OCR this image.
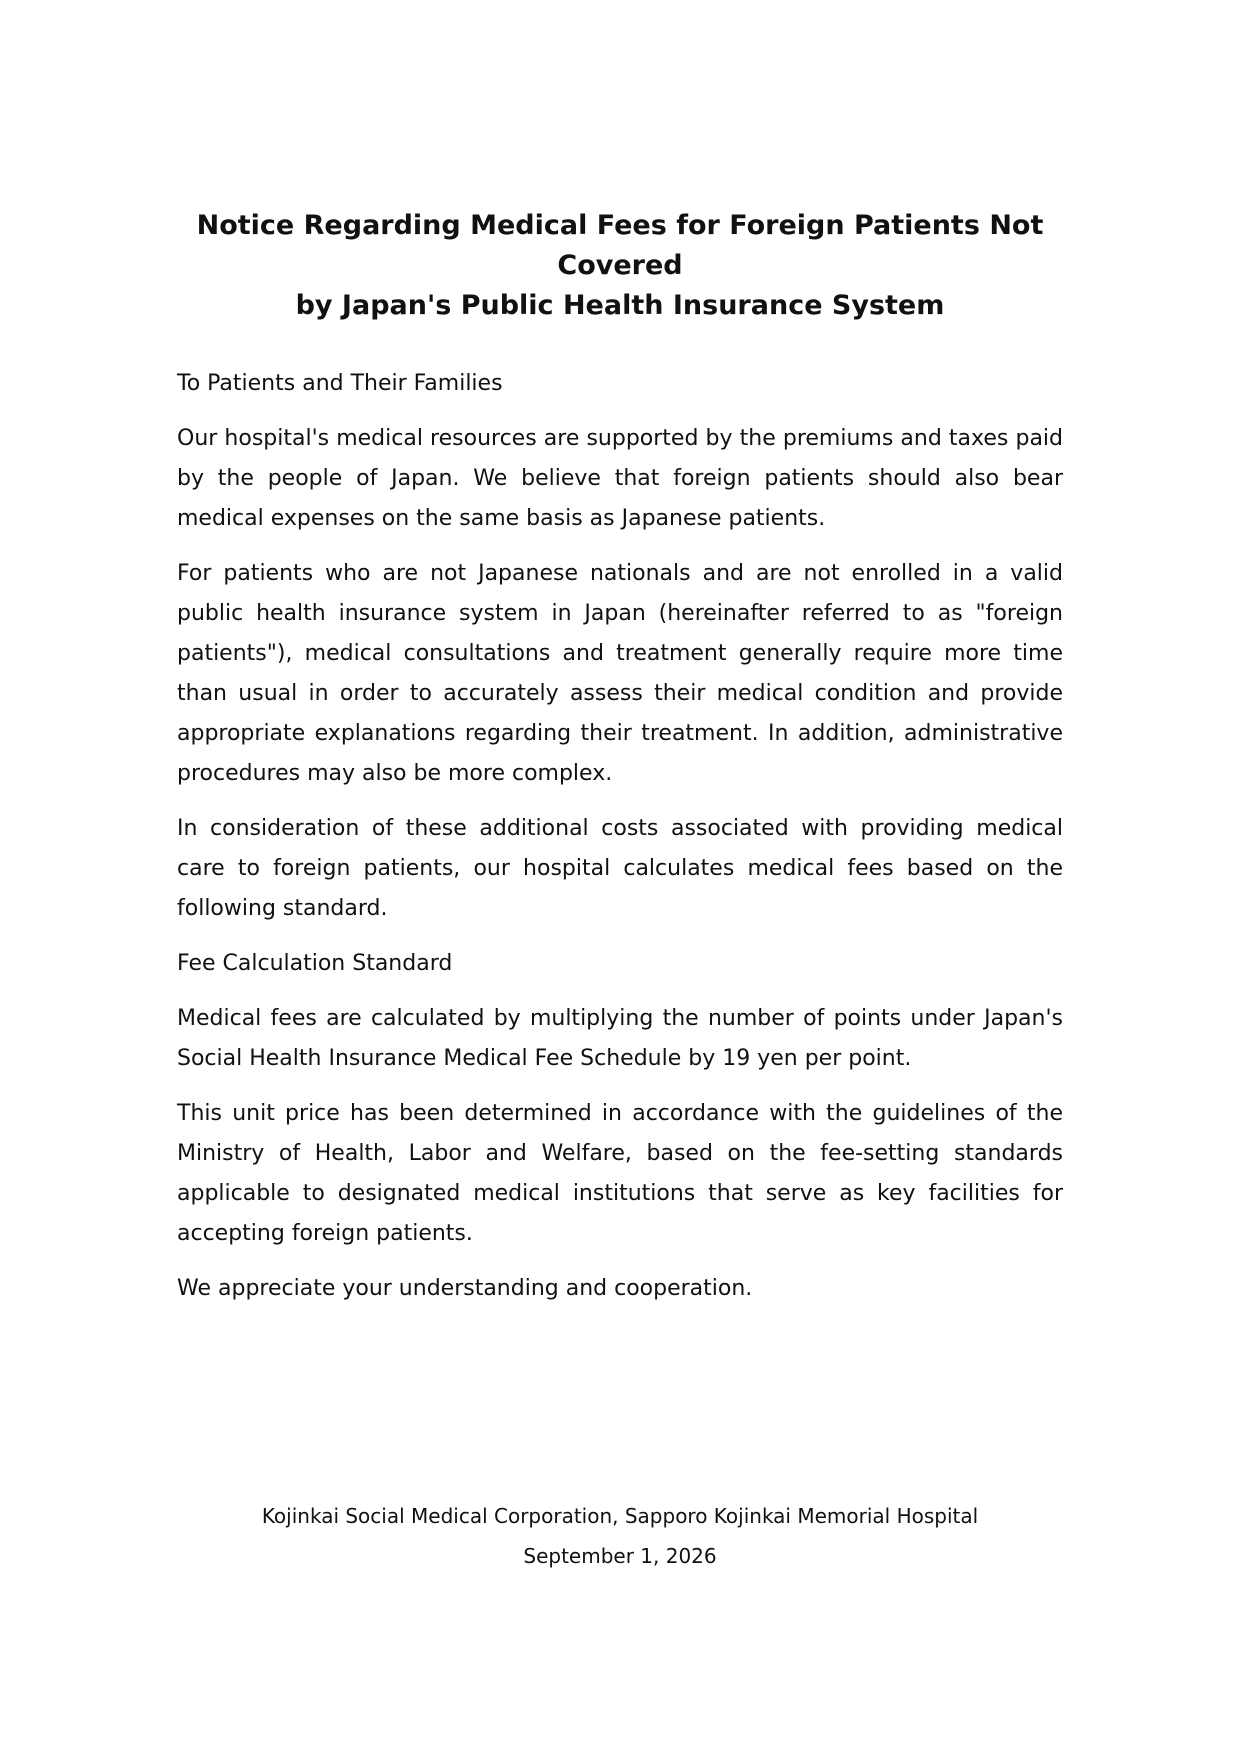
Notice Regarding Medical Fees for Foreign Patients Not Covered
by Japan's Public Health Insurance System

To Patients and Their Families

Our hospital's medical resources are supported by the premiums and taxes paid by the people of Japan. We believe that foreign patients should also bear medical expenses on the same basis as Japanese patients.

For patients who are not Japanese nationals and are not enrolled in a valid public health insurance system in Japan (hereinafter referred to as "foreign patients"), medical consultations and treatment generally require more time than usual in order to accurately assess their medical condition and provide appropriate explanations regarding their treatment. In addition, administrative procedures may also be more complex.

In consideration of these additional costs associated with providing medical care to foreign patients, our hospital calculates medical fees based on the following standard.

Fee Calculation Standard

Medical fees are calculated by multiplying the number of points under Japan's Social Health Insurance Medical Fee Schedule by 19 yen per point.

This unit price has been determined in accordance with the guidelines of the Ministry of Health, Labor and Welfare, based on the fee-setting standards applicable to designated medical institutions that serve as key facilities for accepting foreign patients.

We appreciate your understanding and cooperation.

Kojinkai Social Medical Corporation, Sapporo Kojinkai Memorial Hospital
September 1, 2026
